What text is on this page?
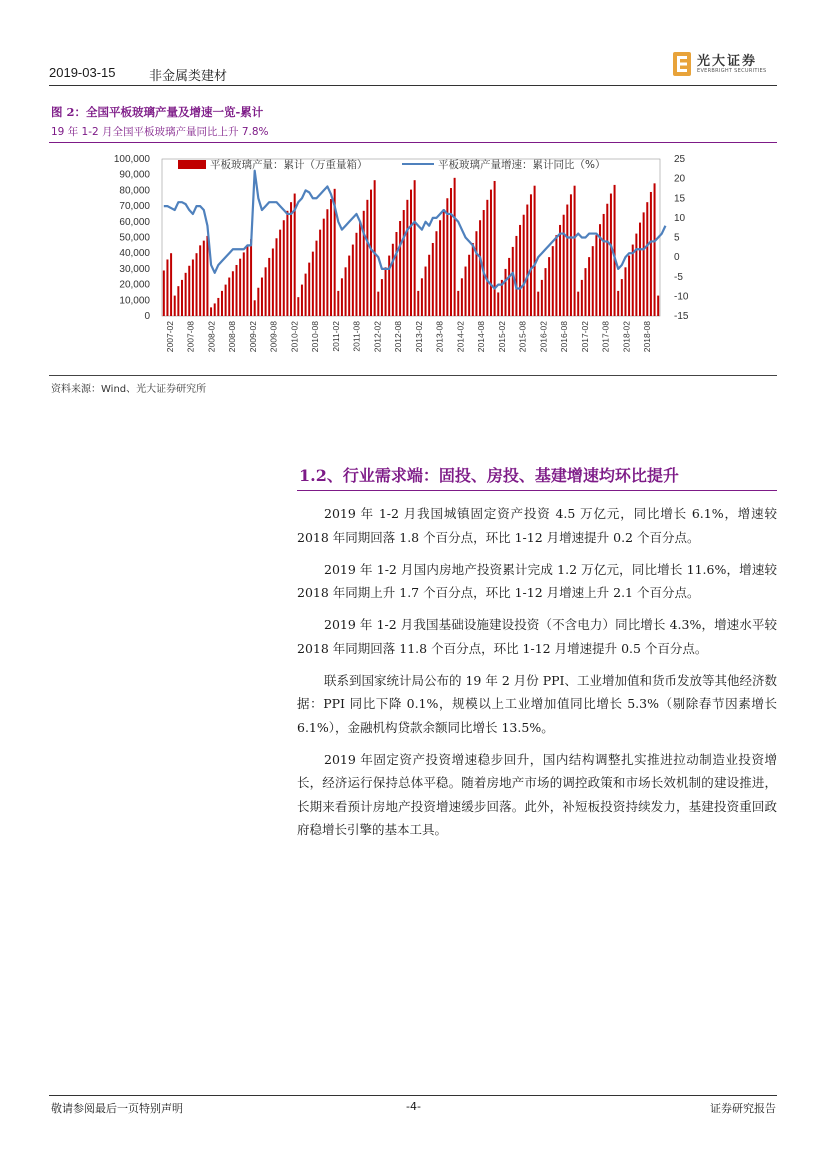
2019-03-15	非金属类建材
光大证券
EVERBRIGHT SECURITIES
图 2：全国平板玻璃产量及增速一览-累计
19 年 1-2 月全国平板玻璃产量同比上升 7.8%
0
10,000
20,000
30,000
40,000
50,000
60,000
70,000
80,000
90,000
100,000
-15
-10
-5
0
5
10
15
20
25
2007-02 2007-08 2008-02 2008-08 2009-02 2009-08 2010-02 2010-08 2011-02 2011-08 2012-02 2012-08 2013-02 2013-08 2014-02 2014-08 2015-02 2015-08 2016-02 2016-08 2017-02 2017-08 2018-02 2018-08
平板玻璃产量：累计（万重量箱）	平板玻璃产量增速：累计同比（%）
资料来源：Wind、光大证券研究所
1.2、行业需求端：固投、房投、基建增速均环比提升

2019 年 1-2 月我国城镇固定资产投资 4.5 万亿元，同比增长 6.1%，增速较 2018 年同期回落 1.8 个百分点，环比 1-12 月增速提升 0.2 个百分点。

2019 年 1-2 月国内房地产投资累计完成 1.2 万亿元，同比增长 11.6%，增速较 2018 年同期上升 1.7 个百分点，环比 1-12 月增速上升 2.1 个百分点。

2019 年 1-2 月我国基础设施建设投资（不含电力）同比增长 4.3%，增速水平较 2018 年同期回落 11.8 个百分点，环比 1-12 月增速提升 0.5 个百分点。

联系到国家统计局公布的 19 年 2 月份 PPI、工业增加值和货币发放等其他经济数据：PPI 同比下降 0.1%，规模以上工业增加值同比增长 5.3%（剔除春节因素增长 6.1%），金融机构贷款余额同比增长 13.5%。

2019 年固定资产投资增速稳步回升，国内结构调整扎实推进拉动制造业投资增长，经济运行保持总体平稳。随着房地产市场的调控政策和市场长效机制的建设推进，长期来看预计房地产投资增速缓步回落。此外，补短板投资持续发力，基建投资重回政府稳增长引擎的基本工具。

敬请参阅最后一页特别声明	-4-	证券研究报告
